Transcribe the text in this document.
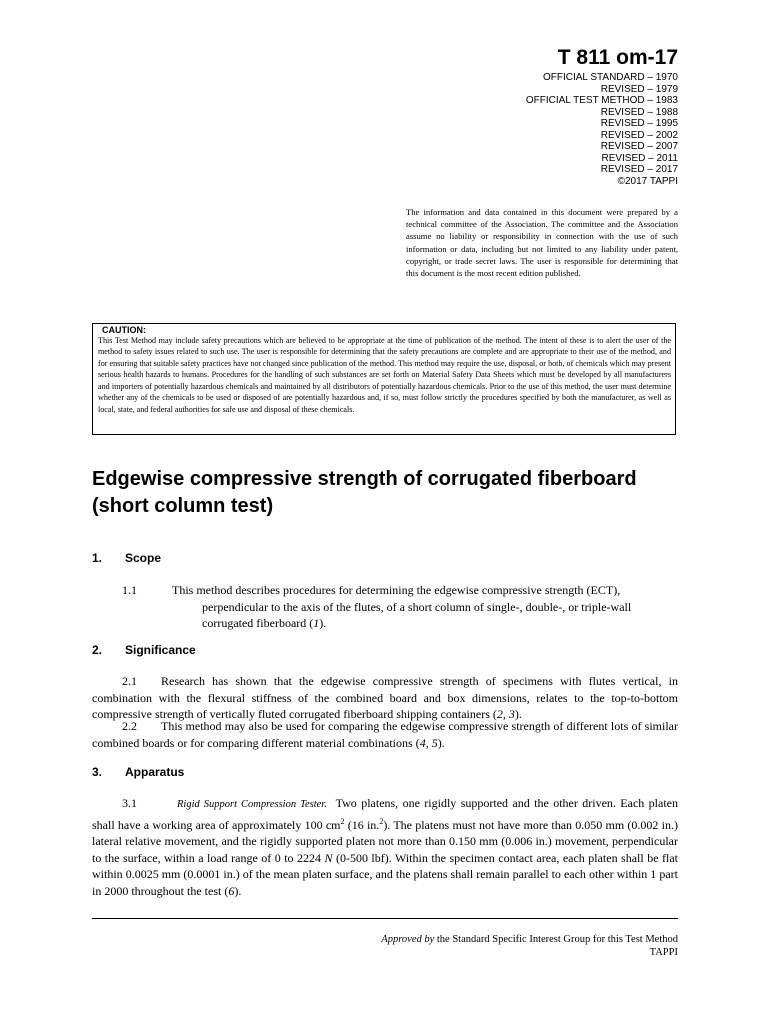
T 811 om-17
OFFICIAL STANDARD – 1970
REVISED – 1979
OFFICIAL TEST METHOD – 1983
REVISED – 1988
REVISED – 1995
REVISED – 2002
REVISED – 2007
REVISED – 2011
REVISED – 2017
©2017 TAPPI
The information and data contained in this document were prepared by a technical committee of the Association. The committee and the Association assume no liability or responsibility in connection with the use of such information or data, including but not limited to any liability under patent, copyright, or trade secret laws. The user is responsible for determining that this document is the most recent edition published.
CAUTION:
This Test Method may include safety precautions which are believed to be appropriate at the time of publication of the method. The intent of these is to alert the user of the method to safety issues related to such use. The user is responsible for determining that the safety precautions are complete and are appropriate to their use of the method, and for ensuring that suitable safety practices have not changed since publication of the method. This method may require the use, disposal, or both, of chemicals which may present serious health hazards to humans. Procedures for the handling of such substances are set forth on Material Safety Data Sheets which must be developed by all manufacturers and importers of potentially hazardous chemicals and maintained by all distributors of potentially hazardous chemicals. Prior to the use of this method, the user must determine whether any of the chemicals to be used or disposed of are potentially hazardous and, if so, must follow strictly the procedures specified by both the manufacturer, as well as local, state, and federal authorities for safe use and disposal of these chemicals.
Edgewise compressive strength of corrugated fiberboard (short column test)
1. Scope
1.1	This method describes procedures for determining the edgewise compressive strength (ECT),
perpendicular to the axis of the flutes, of a short column of single-, double-, or triple-wall
corrugated fiberboard (1).
2. Significance
2.1 Research has shown that the edgewise compressive strength of specimens with flutes vertical, in combination with the flexural stiffness of the combined board and box dimensions, relates to the top-to-bottom compressive strength of vertically fluted corrugated fiberboard shipping containers (2, 3).
2.2 This method may also be used for comparing the edgewise compressive strength of different lots of similar combined boards or for comparing different material combinations (4, 5).
3. Apparatus
3.1	Rigid Support Compression Tester. Two platens, one rigidly supported and the other driven. Each platen shall have a working area of approximately 100 $cm^2$ (16 in.$^2$). The platens must not have more than 0.050 mm (0.002 in.) lateral relative movement, and the rigidly supported platen not more than 0.150 mm (0.006 in.) movement, perpendicular to the surface, within a load range of 0 to 2224 N (0-500 lbf). Within the specimen contact area, each platen shall be flat within 0.0025 mm (0.0001 in.) of the mean platen surface, and the platens shall remain parallel to each other within 1 part in 2000 throughout the test (6).
Approved by the Standard Specific Interest Group for this Test Method
TAPPI
